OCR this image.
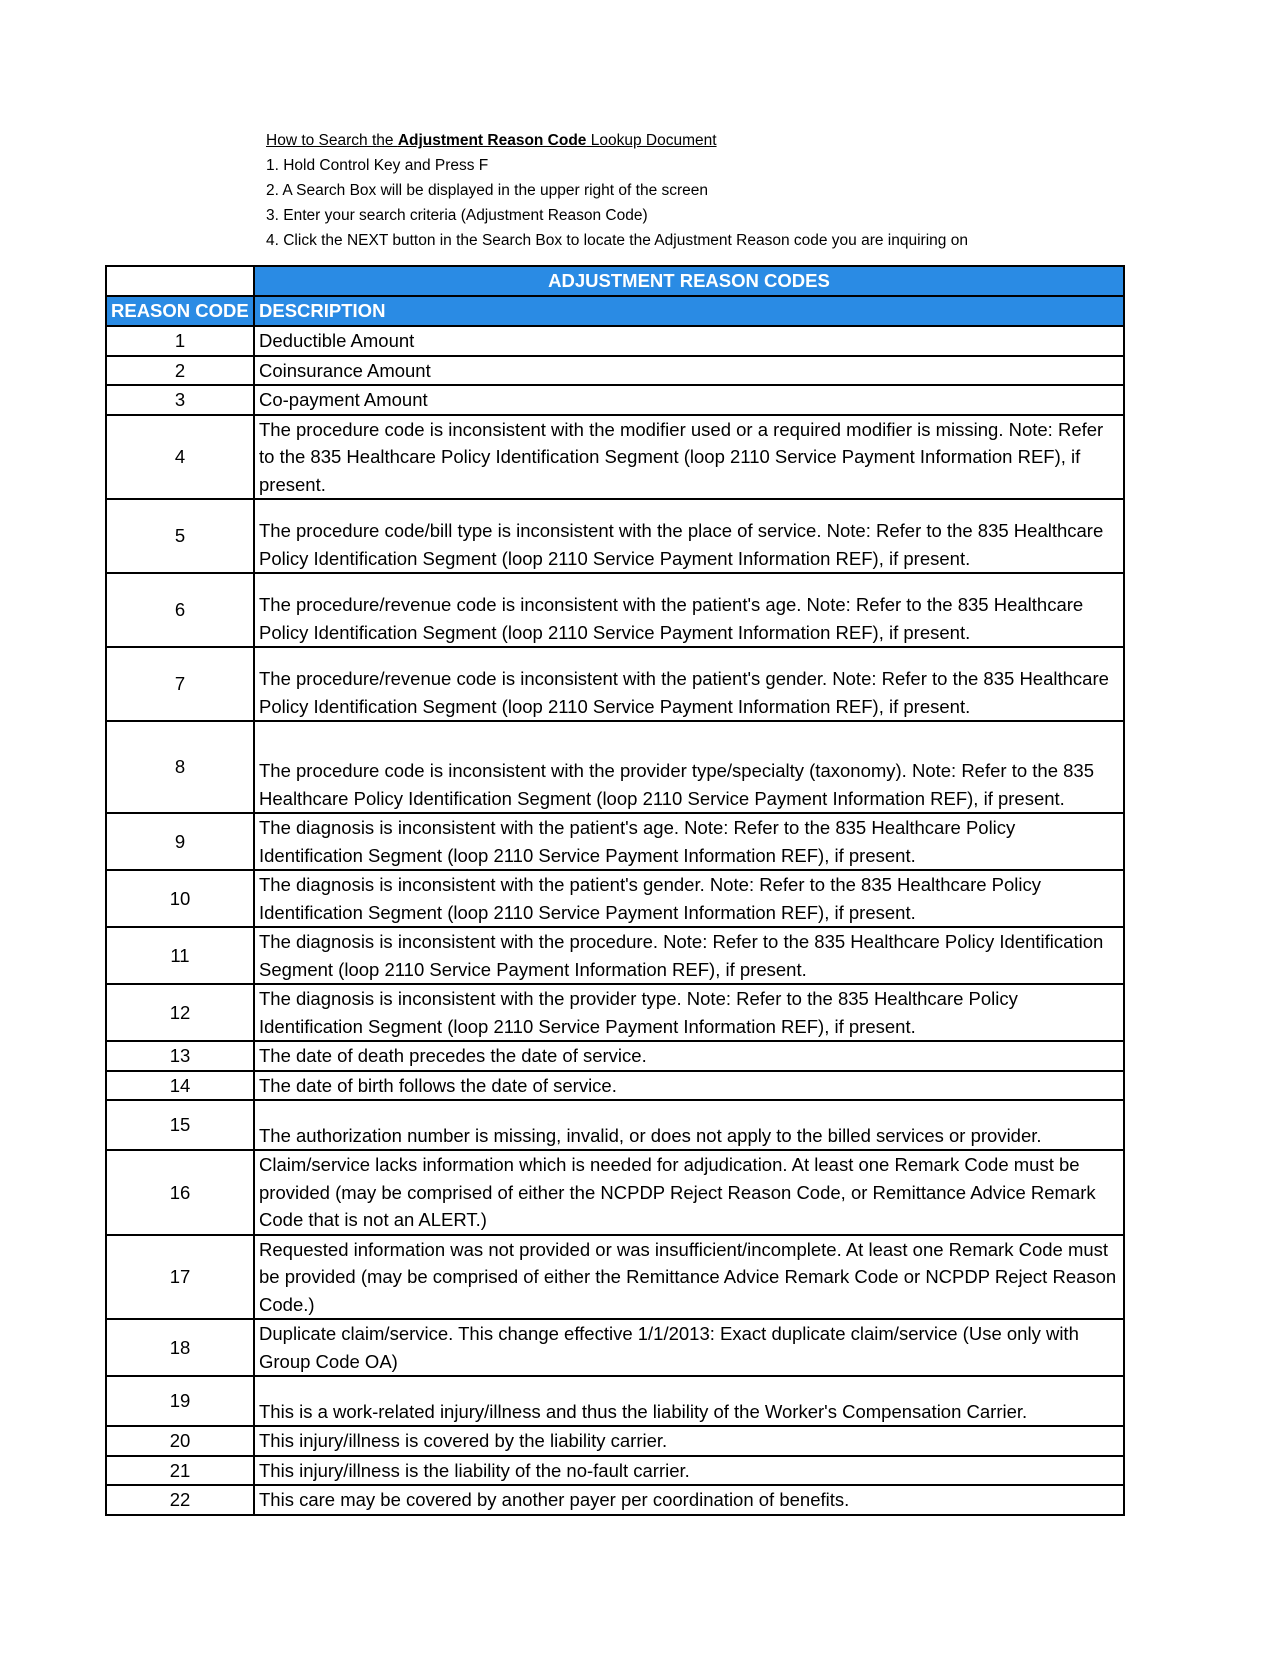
How to Search the Adjustment Reason Code Lookup Document
1. Hold Control Key and Press F
2. A Search Box will be displayed in the upper right of the screen
3. Enter your search criteria (Adjustment Reason Code)
4. Click the NEXT button in the Search Box to locate the Adjustment Reason code you are inquiring on
	ADJUSTMENT REASON CODES
REASON CODE	DESCRIPTION
1	Deductible Amount
2	Coinsurance Amount
3	Co-payment Amount
4	The procedure code is inconsistent with the modifier used or a required modifier is missing. Note: Refer to the 835 Healthcare Policy Identification Segment (loop 2110 Service Payment Information REF), if present.
5	The procedure code/bill type is inconsistent with the place of service. Note: Refer to the 835 Healthcare Policy Identification Segment (loop 2110 Service Payment Information REF), if present.
6	The procedure/revenue code is inconsistent with the patient's age. Note: Refer to the 835 Healthcare Policy Identification Segment (loop 2110 Service Payment Information REF), if present.
7	The procedure/revenue code is inconsistent with the patient's gender. Note: Refer to the 835 Healthcare Policy Identification Segment (loop 2110 Service Payment Information REF), if present.
8	The procedure code is inconsistent with the provider type/specialty (taxonomy). Note: Refer to the 835 Healthcare Policy Identification Segment (loop 2110 Service Payment Information REF), if present.
9	The diagnosis is inconsistent with the patient's age. Note: Refer to the 835 Healthcare Policy Identification Segment (loop 2110 Service Payment Information REF), if present.
10	The diagnosis is inconsistent with the patient's gender. Note: Refer to the 835 Healthcare Policy Identification Segment (loop 2110 Service Payment Information REF), if present.
11	The diagnosis is inconsistent with the procedure. Note: Refer to the 835 Healthcare Policy Identification Segment (loop 2110 Service Payment Information REF), if present.
12	The diagnosis is inconsistent with the provider type. Note: Refer to the 835 Healthcare Policy Identification Segment (loop 2110 Service Payment Information REF), if present.
13	The date of death precedes the date of service.
14	The date of birth follows the date of service.
15	The authorization number is missing, invalid, or does not apply to the billed services or provider.
16	Claim/service lacks information which is needed for adjudication. At least one Remark Code must be provided (may be comprised of either the NCPDP Reject Reason Code, or Remittance Advice Remark Code that is not an ALERT.)
17	Requested information was not provided or was insufficient/incomplete. At least one Remark Code must be provided (may be comprised of either the Remittance Advice Remark Code or NCPDP Reject Reason Code.)
18	Duplicate claim/service. This change effective 1/1/2013: Exact duplicate claim/service (Use only with Group Code OA)
19	This is a work-related injury/illness and thus the liability of the Worker's Compensation Carrier.
20	This injury/illness is covered by the liability carrier.
21	This injury/illness is the liability of the no-fault carrier.
22	This care may be covered by another payer per coordination of benefits.
